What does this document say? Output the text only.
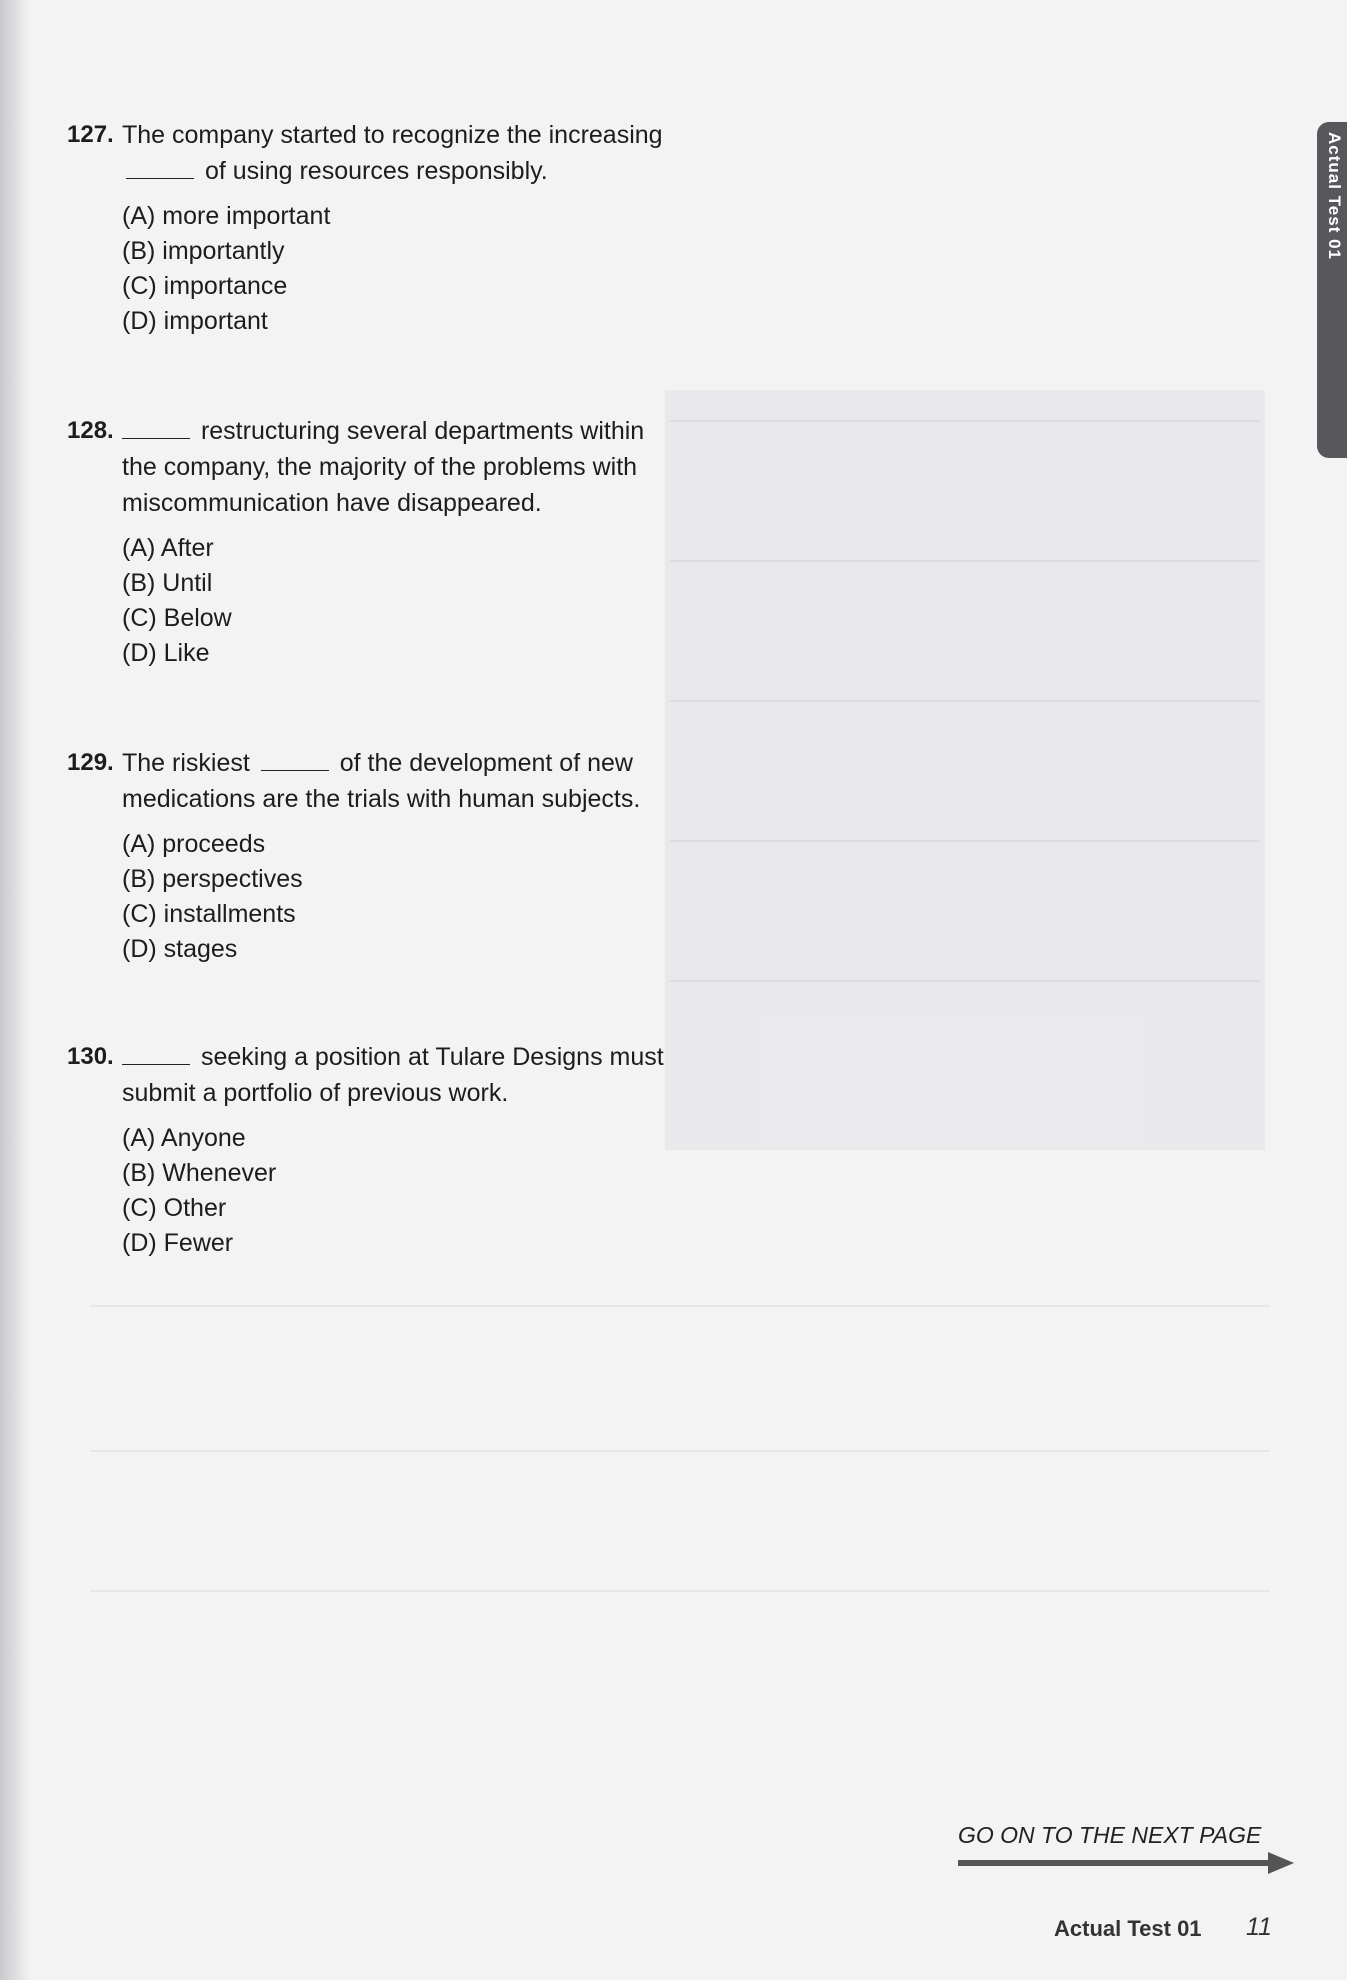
127. The company started to recognize the increasing  of using resources responsibly.
(A) more important
(B) importantly
(C) importance
(D) important
128.	restructuring several departments within the company, the majority of the problems with miscommunication have disappeared.
(A) After
(B) Until
(C) Below
(D) Like
129. The riskiest	of the development of new medications are the trials with human subjects.
(A) proceeds
(B) perspectives
(C) installments
(D) stages
130.	seeking a position at Tulare Designs must submit a portfolio of previous work.
(A) Anyone
(B) Whenever
(C) Other
(D) Fewer
Actual Test 01
GO ON TO THE NEXT PAGE
Actual Test 01 11
